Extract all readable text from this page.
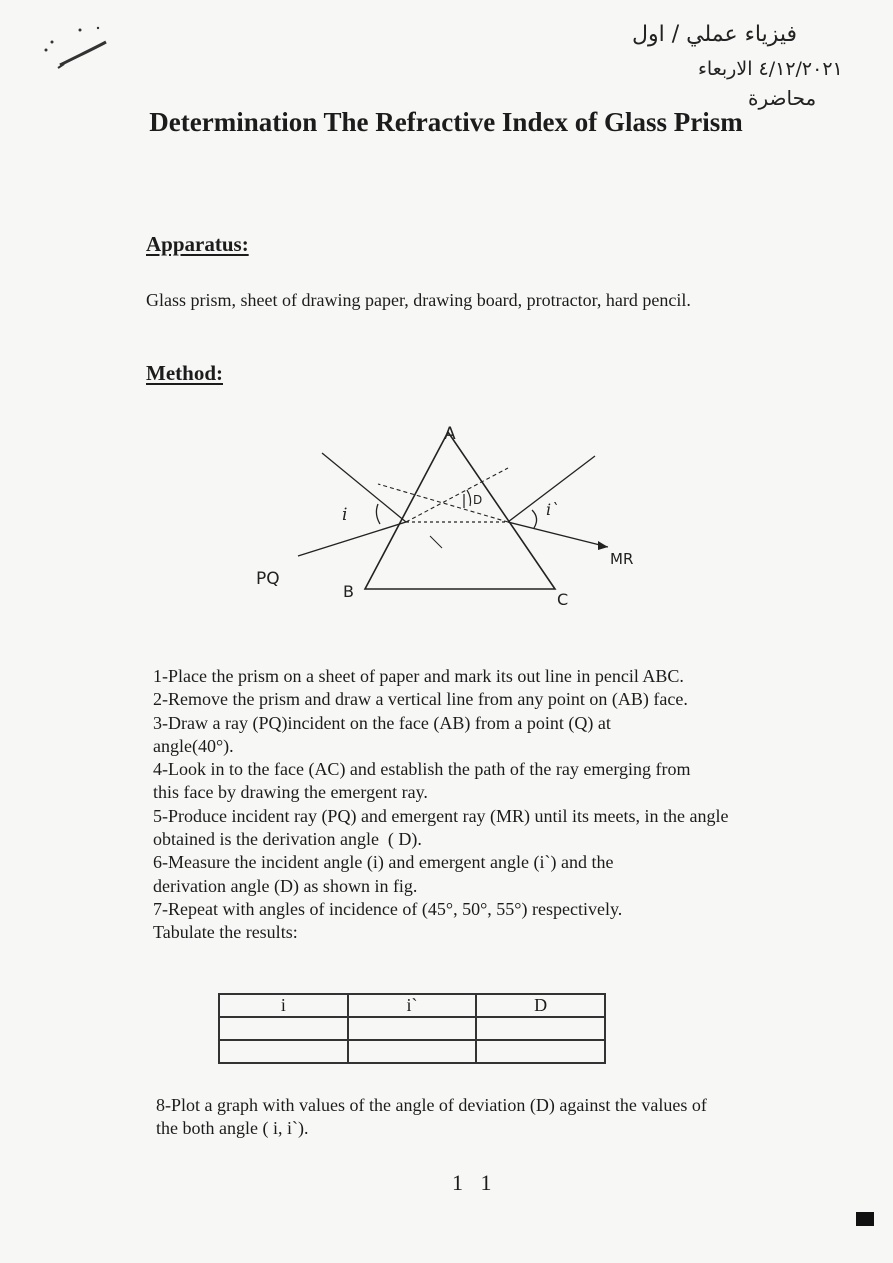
فيزياء عملي / اول
٤/١٢/٢٠٢١ الاربعاء
محاضرة
Determination The Refractive Index of Glass Prism
Apparatus:
Glass prism, sheet of drawing paper, drawing board, protractor, hard pencil.
Method:
A
B	C
PQ
MR
i	i`
D
1-Place the prism on a sheet of paper and mark its out line in pencil ABC.
2-Remove the prism and draw a vertical line from any point on (AB) face.
3-Draw a ray (PQ)incident on the face (AB) from a point (Q) at angle(40°).
4-Look in to the face (AC) and establish the path of the ray emerging from this face by drawing the emergent ray.
5-Produce incident ray (PQ) and emergent ray (MR) until its meets, in the angle obtained is the derivation angle  ( D).
6-Measure the incident angle (i) and emergent angle (i`) and the derivation angle (D) as shown in fig.
7-Repeat with angles of incidence of (45°, 50°, 55°) respectively.
Tabulate the results:
i	i`	D

8-Plot a graph with values of the angle of deviation (D) against the values of the both angle ( i, i`).
1 1
